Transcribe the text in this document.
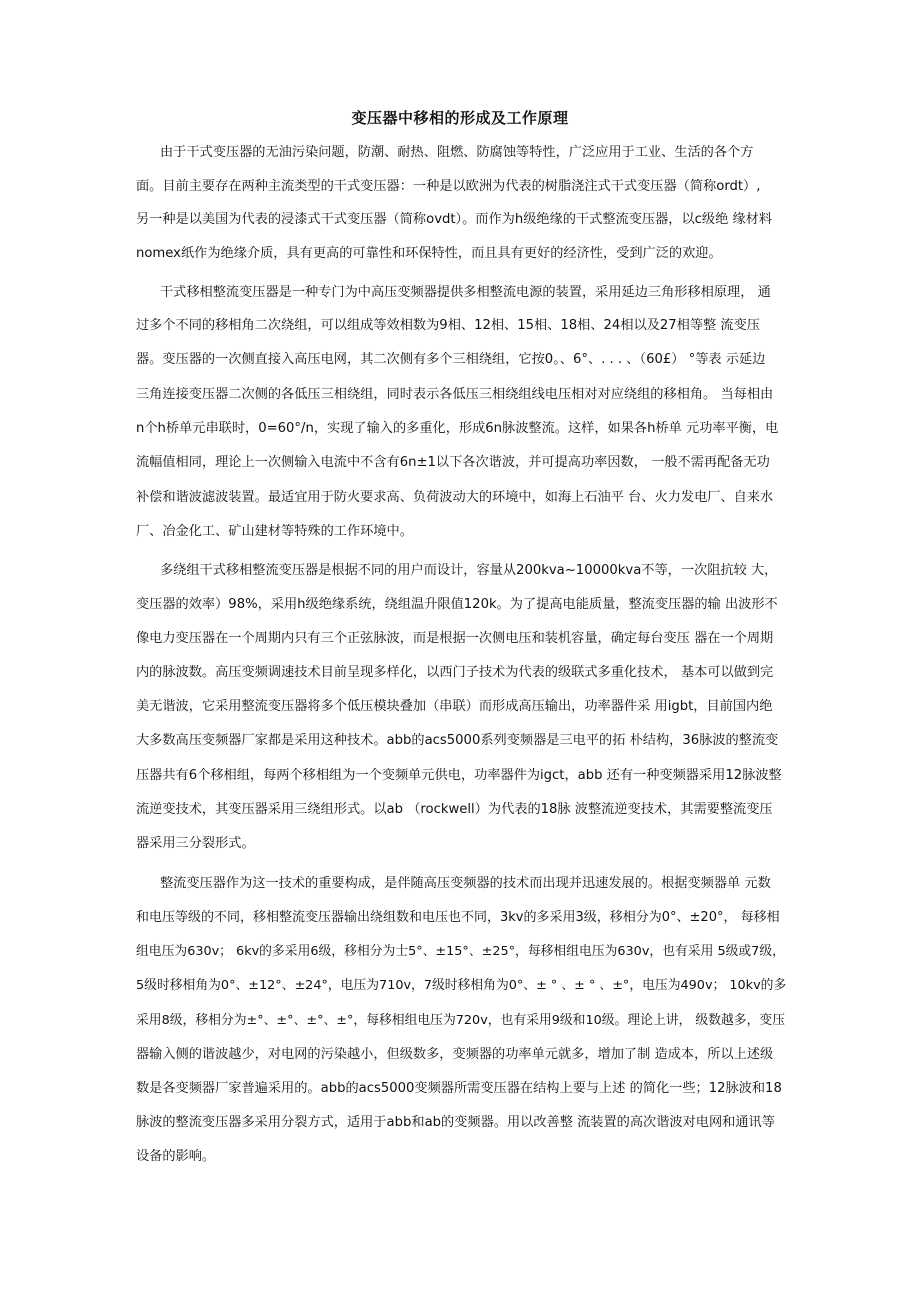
变压器中移相的形成及工作原理
由于干式变压器的无油污染问题，防潮、耐热、阻燃、防腐蚀等特性，广泛应用于工业、生活的各个方
面。目前主要存在两种主流类型的干式变压器：一种是以欧洲为代表的树脂浇注式干式变压器（简称ordt）,
另一种是以美国为代表的浸漆式干式变压器（简称ovdt）。而作为h级绝缘的干式整流变压器，以c级绝 缘材料
nomex纸作为绝缘介质，具有更高的可靠性和环保特性，而且具有更好的经济性，受到广泛的欢迎。
干式移相整流变压器是一种专门为中高压变频器提供多相整流电源的装置，采用延边三角形移相原理， 通
过多个不同的移相角二次绕组，可以组成等效相数为9相、12相、15相、18相、24相以及27相等整 流变压
器。变压器的一次侧直接入高压电网，其二次侧有多个三相绕组，它按0。、6°、. . . 、（60£） °等表 示延边
三角连接变压器二次侧的各低压三相绕组，同时表示各低压三相绕组线电压相对对应绕组的移相角。 当每相由
n个h桥单元串联时，0=60°/n，实现了输入的多重化，形成6n脉波整流。这样，如果各h桥单 元功率平衡，电
流幅值相同，理论上一次侧输入电流中不含有6n±1以下各次谐波，并可提高功率因数， 一般不需再配备无功
补偿和谐波滤波装置。最适宜用于防火要求高、负荷波动大的环境中，如海上石油平 台、火力发电厂、自来水
厂、冶金化工、矿山建材等特殊的工作环境中。
多绕组干式移相整流变压器是根据不同的用户而设计，容量从200kva~10000kva不等，一次阻抗较 大，
变压器的效率）98%，采用h级绝缘系统，绕组温升限值120k。为了提高电能质量，整流变压器的输 出波形不
像电力变压器在一个周期内只有三个正弦脉波，而是根据一次侧电压和装机容量，确定每台变压 器在一个周期
内的脉波数。高压变频调速技术目前呈现多样化，以西门子技术为代表的级联式多重化技术， 基本可以做到完
美无谐波，它采用整流变压器将多个低压模块叠加（串联）而形成高压输出，功率器件采 用igbt，目前国内绝
大多数高压变频器厂家都是采用这种技术。abb的acs5000系列变频器是三电平的拓 朴结构，36脉波的整流变
压器共有6个移相组，每两个移相组为一个变频单元供电，功率器件为igct，abb 还有一种变频器采用12脉波整
流逆变技术，其变压器采用三绕组形式。以ab （rockwell）为代表的18脉 波整流逆变技术，其需要整流变压
器采用三分裂形式。
整流变压器作为这一技术的重要构成，是伴随高压变频器的技术而出现并迅速发展的。根据变频器单 元数
和电压等级的不同，移相整流变压器输出绕组数和电压也不同，3kv的多采用3级，移相分为0°、±20°， 每移相
组电压为630v； 6kv的多采用6级，移相分为士5°、±15°、±25°，每移相组电压为630v，也有采用 5级或7级，
5级时移相角为0°、±12°、±24°，电压为710v，7级时移相角为0°、± ° 、± ° 、±°，电压为490v； 10kv的多
采用8级，移相分为±°、±°、±°、±°，每移相组电压为720v，也有采用9级和10级。理论上讲， 级数越多，变压
器输入侧的谐波越少，对电网的污染越小，但级数多，变频器的功率单元就多，增加了制 造成本，所以上述级
数是各变频器厂家普遍采用的。abb的acs5000变频器所需变压器在结构上要与上述 的简化一些；12脉波和18
脉波的整流变压器多采用分裂方式，适用于abb和ab的变频器。用以改善整 流装置的高次谐波对电网和通讯等
设备的影响。
